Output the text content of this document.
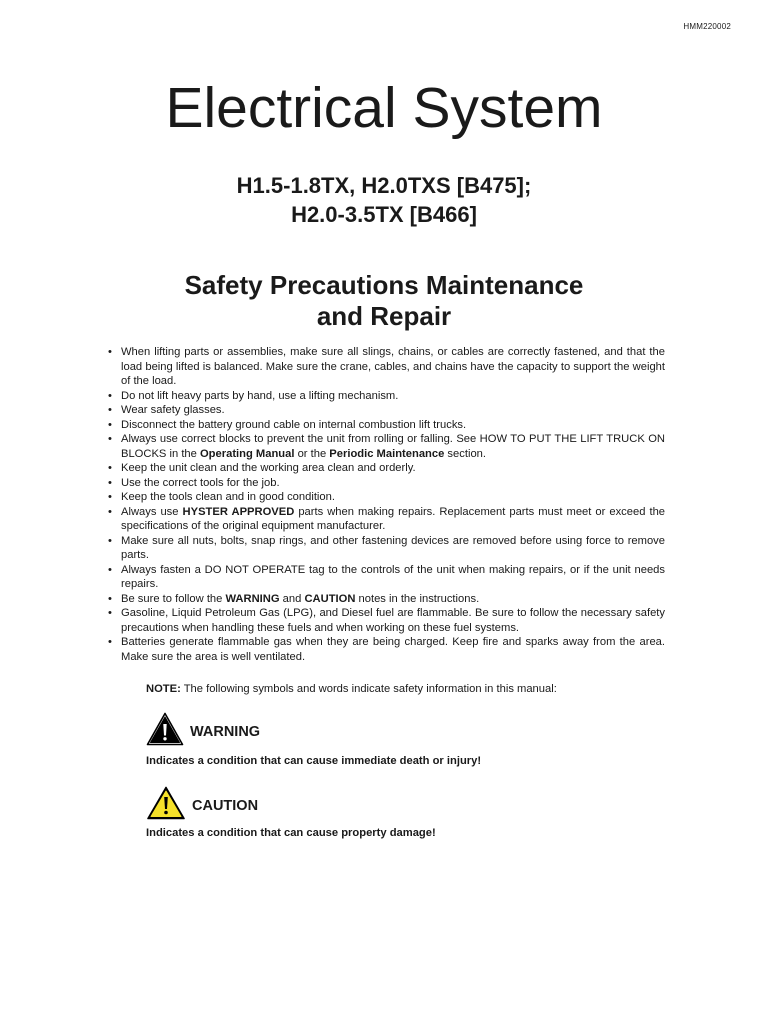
HMM220002
Electrical System
H1.5-1.8TX, H2.0TXS [B475];
H2.0-3.5TX [B466]
Safety Precautions Maintenance
and Repair
• When lifting parts or assemblies, make sure all slings, chains, or cables are correctly fastened, and that the load being lifted is balanced. Make sure the crane, cables, and chains have the capacity to support the weight of the load.
• Do not lift heavy parts by hand, use a lifting mechanism.
• Wear safety glasses.
• Disconnect the battery ground cable on internal combustion lift trucks.
• Always use correct blocks to prevent the unit from rolling or falling. See HOW TO PUT THE LIFT TRUCK ON BLOCKS in the Operating Manual or the Periodic Maintenance section.
• Keep the unit clean and the working area clean and orderly.
• Use the correct tools for the job.
• Keep the tools clean and in good condition.
• Always use HYSTER APPROVED parts when making repairs. Replacement parts must meet or exceed the specifications of the original equipment manufacturer.
• Make sure all nuts, bolts, snap rings, and other fastening devices are removed before using force to remove parts.
• Always fasten a DO NOT OPERATE tag to the controls of the unit when making repairs, or if the unit needs repairs.
• Be sure to follow the WARNING and CAUTION notes in the instructions.
• Gasoline, Liquid Petroleum Gas (LPG), and Diesel fuel are flammable. Be sure to follow the necessary safety precautions when handling these fuels and when working on these fuel systems.
• Batteries generate flammable gas when they are being charged. Keep fire and sparks away from the area. Make sure the area is well ventilated.

NOTE: The following symbols and words indicate safety information in this manual:

WARNING

Indicates a condition that can cause immediate death or injury!

CAUTION

Indicates a condition that can cause property damage!
